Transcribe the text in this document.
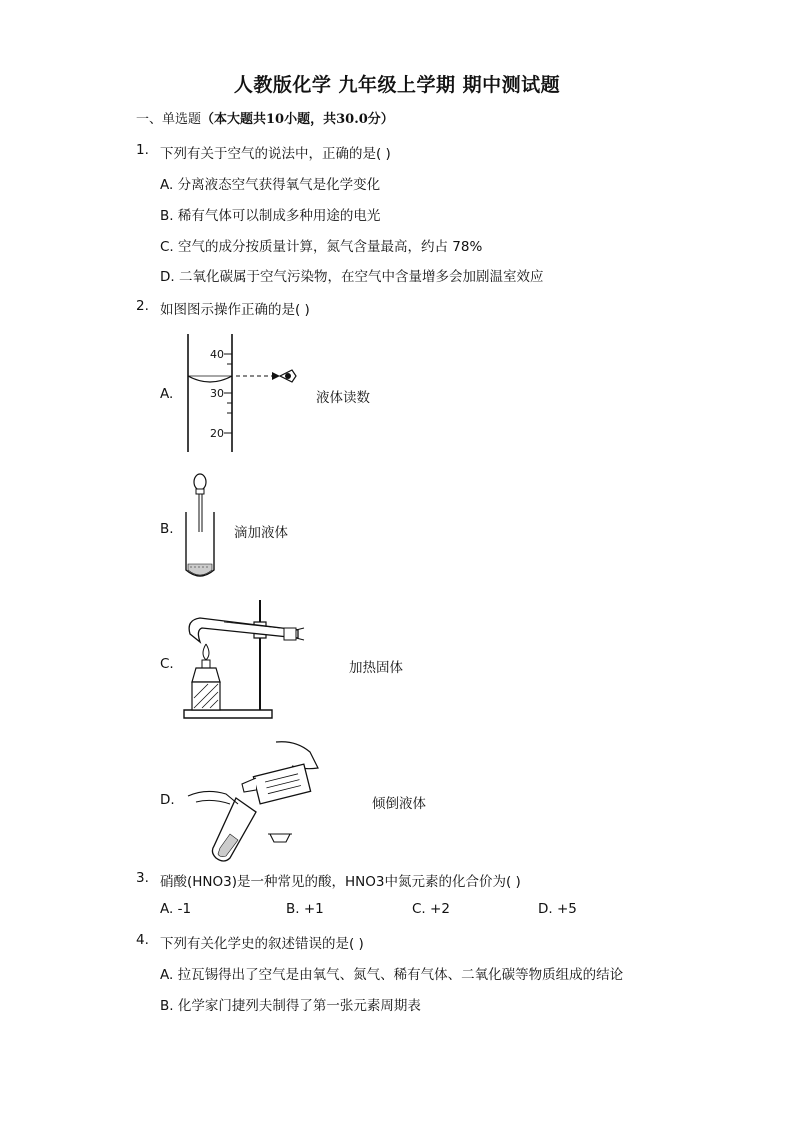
人教版化学 九年级上学期 期中测试题
一、单选题（本大题共10小题，共30.0分）
1. 下列有关于空气的说法中，正确的是( )
A. 分离液态空气获得氧气是化学变化
B. 稀有气体可以制成多种用途的电光
C. 空气的成分按质量计算，氮气含量最高，约占 78%
D. 二氧化碳属于空气污染物，在空气中含量增多会加剧温室效应
2. 如图图示操作正确的是( )
A.
40
30
20
液体读数
B.	滴加液体
C.	加热固体
D.	倾倒液体
3. 硝酸(HNO3)是一种常见的酸，HNO3中氮元素的化合价为( )
A. -1	B. +1	C. +2	D. +5
4. 下列有关化学史的叙述错误的是( )
A. 拉瓦锡得出了空气是由氧气、氮气、稀有气体、二氧化碳等物质组成的结论
B. 化学家门捷列夫制得了第一张元素周期表
